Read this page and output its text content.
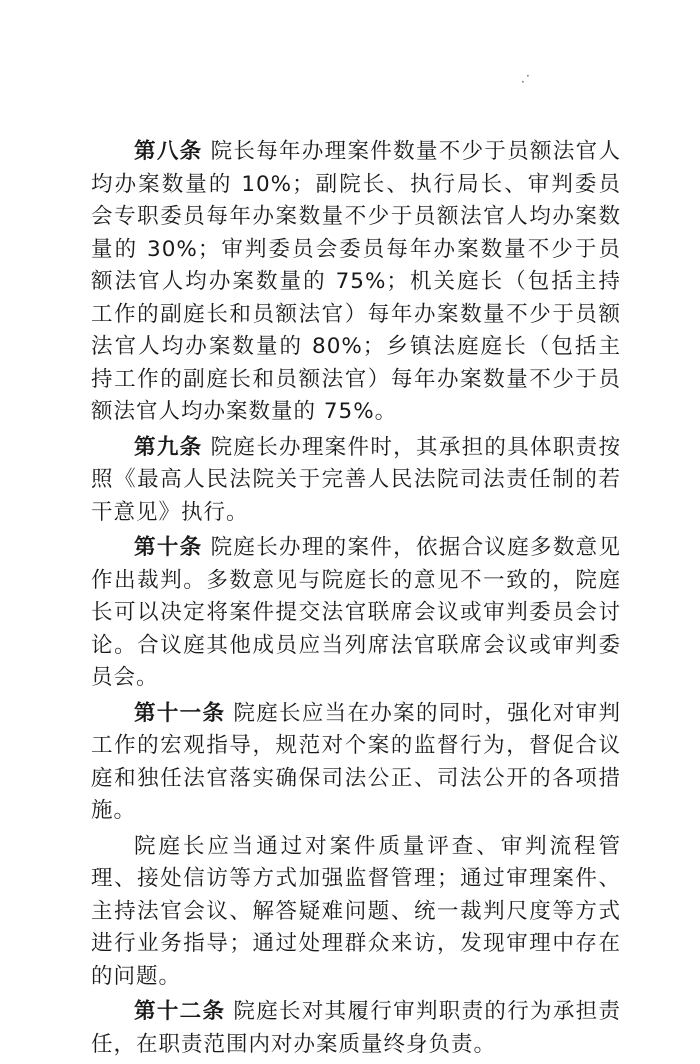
· ·

第八条 院长每年办理案件数量不少于员额法官人均办案数量的 10%；副院长、执行局长、审判委员会专职委员每年办案数量不少于员额法官人均办案数量的 30%；审判委员会委员每年办案数量不少于员额法官人均办案数量的 75%；机关庭长（包括主持工作的副庭长和员额法官）每年办案数量不少于员额法官人均办案数量的 80%；乡镇法庭庭长（包括主持工作的副庭长和员额法官）每年办案数量不少于员额法官人均办案数量的 75%。

第九条 院庭长办理案件时，其承担的具体职责按照《最高人民法院关于完善人民法院司法责任制的若干意见》执行。

第十条 院庭长办理的案件，依据合议庭多数意见作出裁判。多数意见与院庭长的意见不一致的，院庭长可以决定将案件提交法官联席会议或审判委员会讨论。合议庭其他成员应当列席法官联席会议或审判委员会。

第十一条 院庭长应当在办案的同时，强化对审判工作的宏观指导，规范对个案的监督行为，督促合议庭和独任法官落实确保司法公正、司法公开的各项措施。

院庭长应当通过对案件质量评查、审判流程管理、接处信访等方式加强监督管理；通过审理案件、主持法官会议、解答疑难问题、统一裁判尺度等方式进行业务指导；通过处理群众来访，发现审理中存在的问题。

第十二条 院庭长对其履行审判职责的行为承担责任，在职责范围内对办案质量终身负责。
